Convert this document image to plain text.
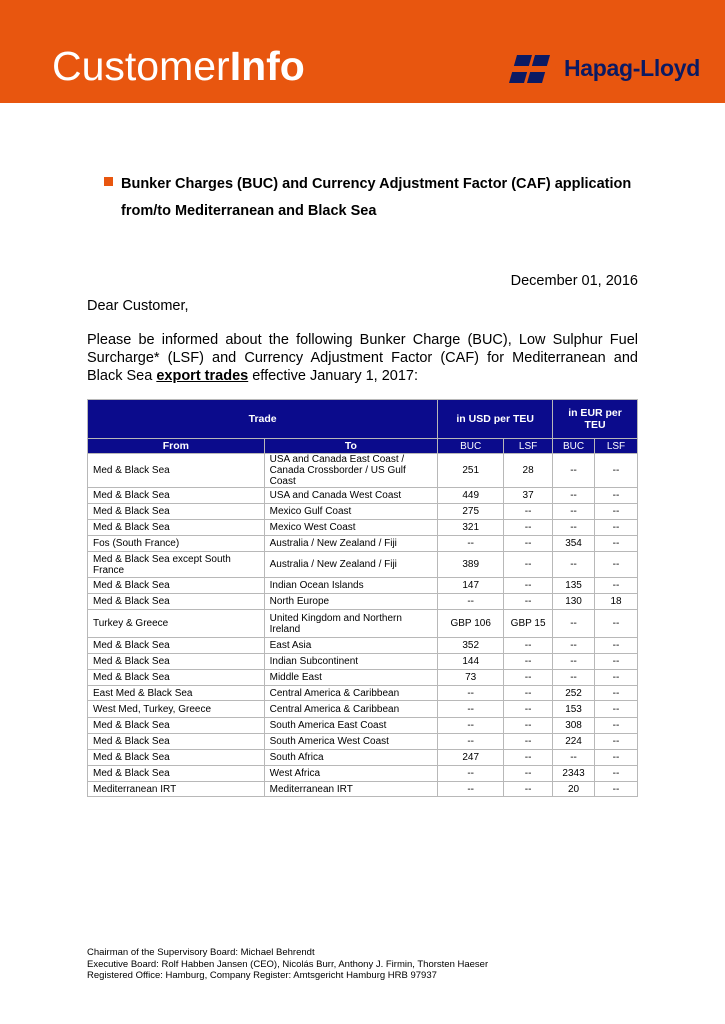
CustomerInfo	Hapag-Lloyd
Bunker Charges (BUC) and Currency Adjustment Factor (CAF) application
from/to Mediterranean and Black Sea
December 01, 2016
Dear Customer,
Please be informed about the following Bunker Charge (BUC), Low Sulphur Fuel Surcharge* (LSF) and Currency Adjustment Factor (CAF) for Mediterranean and Black Sea export trades effective January 1, 2017:
Trade		in USD per TEU		in EUR per TEU	
From	To	BUC	LSF	BUC	LSF
Med & Black Sea	USA and Canada East Coast / Canada Crossborder / US Gulf Coast	251	28	--	--
Med & Black Sea	USA and Canada West Coast	449	37	--	--
Med & Black Sea	Mexico Gulf Coast	275	--	--	--
Med & Black Sea	Mexico West Coast	321	--	--	--
Fos (South France)	Australia / New Zealand / Fiji	--	--	354	--
Med & Black Sea except South France	Australia / New Zealand / Fiji	389	--	--	--
Med & Black Sea	Indian Ocean Islands	147	--	135	--
Med & Black Sea	North Europe	--	--	130	18
Turkey & Greece	United Kingdom and Northern Ireland	GBP 106	GBP 15	--	--
Med & Black Sea	East Asia	352	--	--	--
Med & Black Sea	Indian Subcontinent	144	--	--	--
Med & Black Sea	Middle East	73	--	--	--
East Med & Black Sea	Central America & Caribbean	--	--	252	--
West Med, Turkey, Greece	Central America & Caribbean	--	--	153	--
Med & Black Sea	South America East Coast	--	--	308	--
Med & Black Sea	South America West Coast	--	--	224	--
Med & Black Sea	South Africa	247	--	--	--
Med & Black Sea	West Africa	--	--	2343	--
Mediterranean IRT	Mediterranean IRT	--	--	20	--
Chairman of the Supervisory Board: Michael Behrendt
Executive Board: Rolf Habben Jansen (CEO), Nicolás Burr, Anthony J. Firmin, Thorsten Haeser
Registered Office: Hamburg, Company Register: Amtsgericht Hamburg HRB 97937
